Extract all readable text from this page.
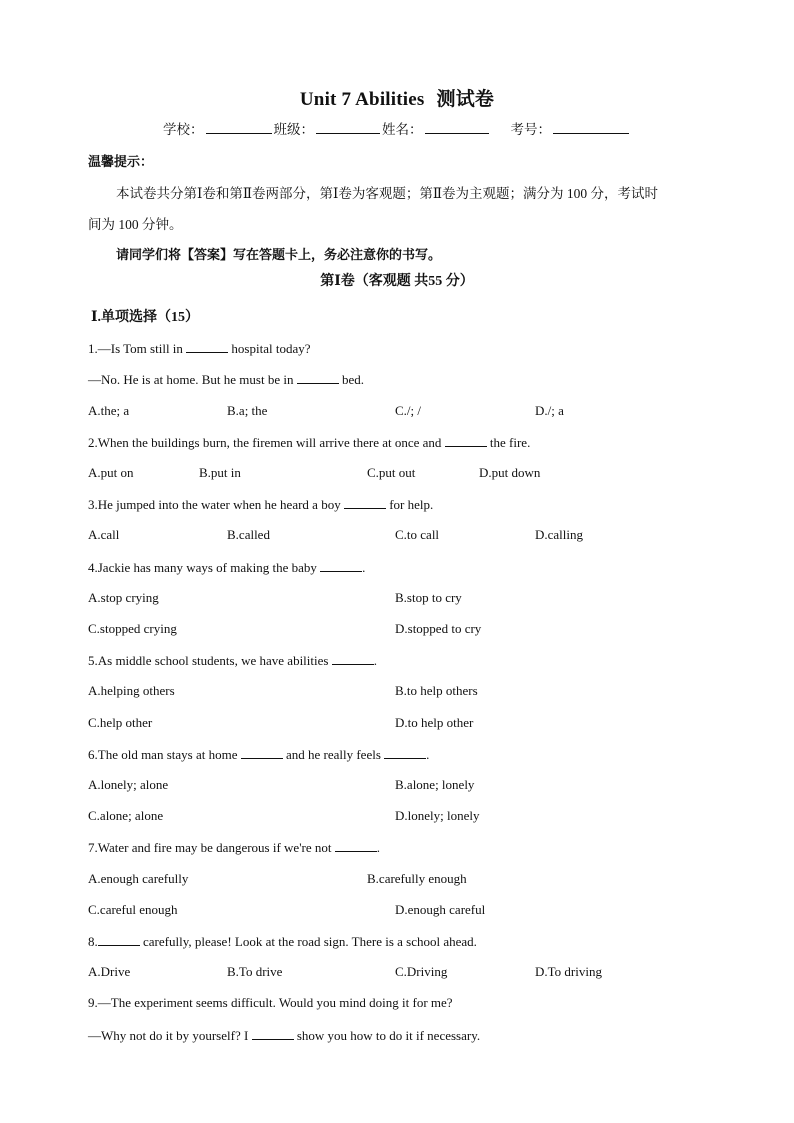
Unit 7 Abilities 测试卷
学校：	班级：	姓名：	考号：
温馨提示：
本试卷共分第Ⅰ卷和第Ⅱ卷两部分，第Ⅰ卷为客观题；第Ⅱ卷为主观题；满分为 100 分，考试时
间为 100 分钟。
请同学们将【答案】写在答题卡上，务必注意你的书写。
第Ⅰ卷（客观题 共55 分）
Ⅰ.单项选择（15）
1.—Is Tom still in	hospital today?
—No. He is at home. But he must be in	bed.
A.the; a	B.a; the	C./; /	D./; a
2.When the buildings burn, the firemen will arrive there at once and	the fire.
A.put on	B.put in	C.put out	D.put down
3.He jumped into the water when he heard a boy	for help.
A.call	B.called	C.to call	D.calling
4.Jackie has many ways of making the baby	.
A.stop crying	B.stop to cry
C.stopped crying	D.stopped to cry
5.As middle school students, we have abilities	.
A.helping others	B.to help others
C.help other	D.to help other
6.The old man stays at home	and he really feels	.
A.lonely; alone	B.alone; lonely
C.alone; alone	D.lonely; lonely
7.Water and fire may be dangerous if we're not	.
A.enough carefully	B.carefully enough
C.careful enough	D.enough careful
8.	carefully, please! Look at the road sign. There is a school ahead.
A.Drive	B.To drive	C.Driving	D.To driving
9.—The experiment seems difficult. Would you mind doing it for me?
—Why not do it by yourself? I	show you how to do it if necessary.
